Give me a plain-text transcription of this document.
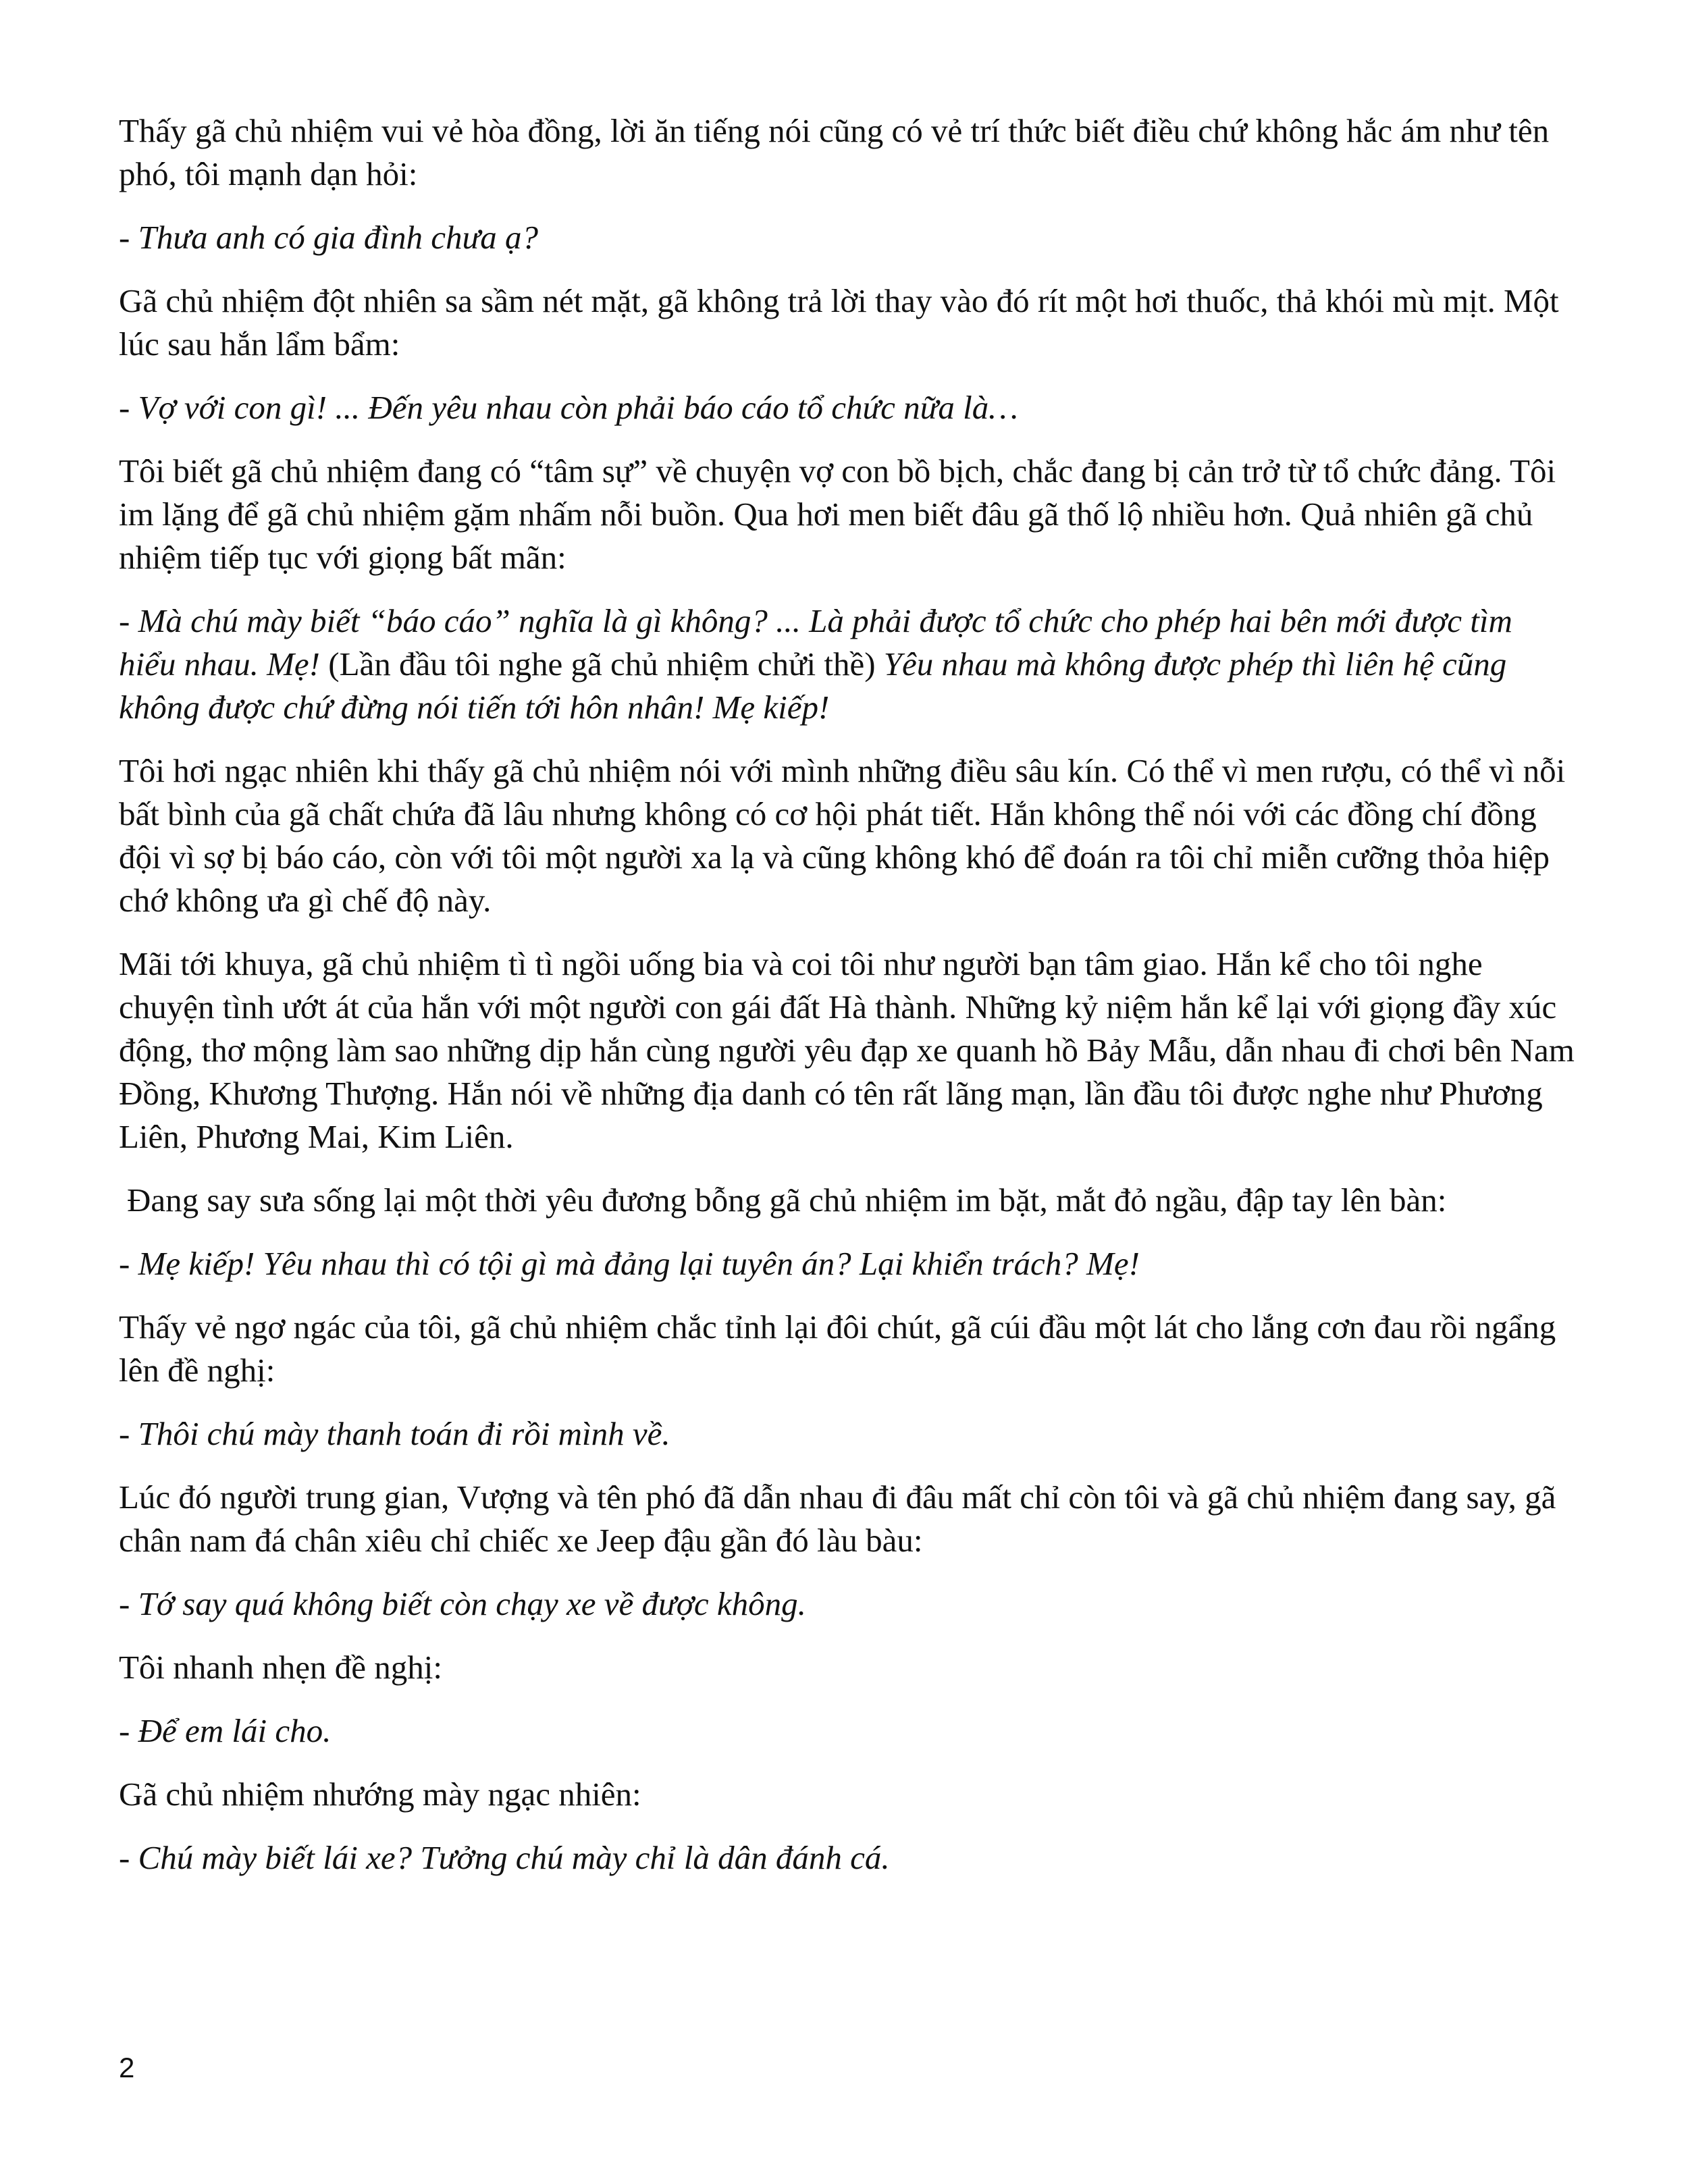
Thấy gã chủ nhiệm vui vẻ hòa đồng, lời ăn tiếng nói cũng có vẻ trí thức biết điều chứ không hắc ám như tên phó, tôi mạnh dạn hỏi:

- Thưa anh có gia đình chưa ạ?

Gã chủ nhiệm đột nhiên sa sầm nét mặt, gã không trả lời thay vào đó rít một hơi thuốc, thả khói mù mịt. Một lúc sau hắn lẩm bẩm:

- Vợ với con gì! ... Đến yêu nhau còn phải báo cáo tổ chức nữa là…

Tôi biết gã chủ nhiệm đang có “tâm sự” về chuyện vợ con bồ bịch, chắc đang bị cản trở từ tổ chức đảng. Tôi im lặng để gã chủ nhiệm gặm nhấm nỗi buồn. Qua hơi men biết đâu gã thố lộ nhiều hơn. Quả nhiên gã chủ nhiệm tiếp tục với giọng bất mãn:

- Mà chú mày biết “báo cáo” nghĩa là gì không? ... Là phải được tổ chức cho phép hai bên mới được tìm hiểu nhau. Mẹ! (Lần đầu tôi nghe gã chủ nhiệm chửi thề) Yêu nhau mà không được phép thì liên hệ cũng không được chứ đừng nói tiến tới hôn nhân! Mẹ kiếp!

Tôi hơi ngạc nhiên khi thấy gã chủ nhiệm nói với mình những điều sâu kín. Có thể vì men rượu, có thể vì nỗi bất bình của gã chất chứa đã lâu nhưng không có cơ hội phát tiết. Hắn không thể nói với các đồng chí đồng đội vì sợ bị báo cáo, còn với tôi một người xa lạ và cũng không khó để đoán ra tôi chỉ miễn cưỡng thỏa hiệp chớ không ưa gì chế độ này.

Mãi tới khuya, gã chủ nhiệm tì tì ngồi uống bia và coi tôi như người bạn tâm giao. Hắn kể cho tôi nghe chuyện tình ướt át của hắn với một người con gái đất Hà thành. Những kỷ niệm hắn kể lại với giọng đầy xúc động, thơ mộng làm sao những dịp hắn cùng người yêu đạp xe quanh hồ Bảy Mẫu, dẫn nhau đi chơi bên Nam Đồng, Khương Thượng. Hắn nói về những địa danh có tên rất lãng mạn, lần đầu tôi được nghe như Phương Liên, Phương Mai, Kim Liên.

Đang say sưa sống lại một thời yêu đương bỗng gã chủ nhiệm im bặt, mắt đỏ ngầu, đập tay lên bàn:

- Mẹ kiếp! Yêu nhau thì có tội gì mà đảng lại tuyên án? Lại khiển trách? Mẹ!

Thấy vẻ ngơ ngác của tôi, gã chủ nhiệm chắc tỉnh lại đôi chút, gã cúi đầu một lát cho lắng cơn đau rồi ngẩng lên đề nghị:

- Thôi chú mày thanh toán đi rồi mình về.

Lúc đó người trung gian, Vượng và tên phó đã dẫn nhau đi đâu mất chỉ còn tôi và gã chủ nhiệm đang say, gã chân nam đá chân xiêu chỉ chiếc xe Jeep đậu gần đó làu bàu:

- Tớ say quá không biết còn chạy xe về được không.

Tôi nhanh nhẹn đề nghị:

- Để em lái cho.

Gã chủ nhiệm nhướng mày ngạc nhiên:

- Chú mày biết lái xe? Tưởng chú mày chỉ là dân đánh cá.

2
